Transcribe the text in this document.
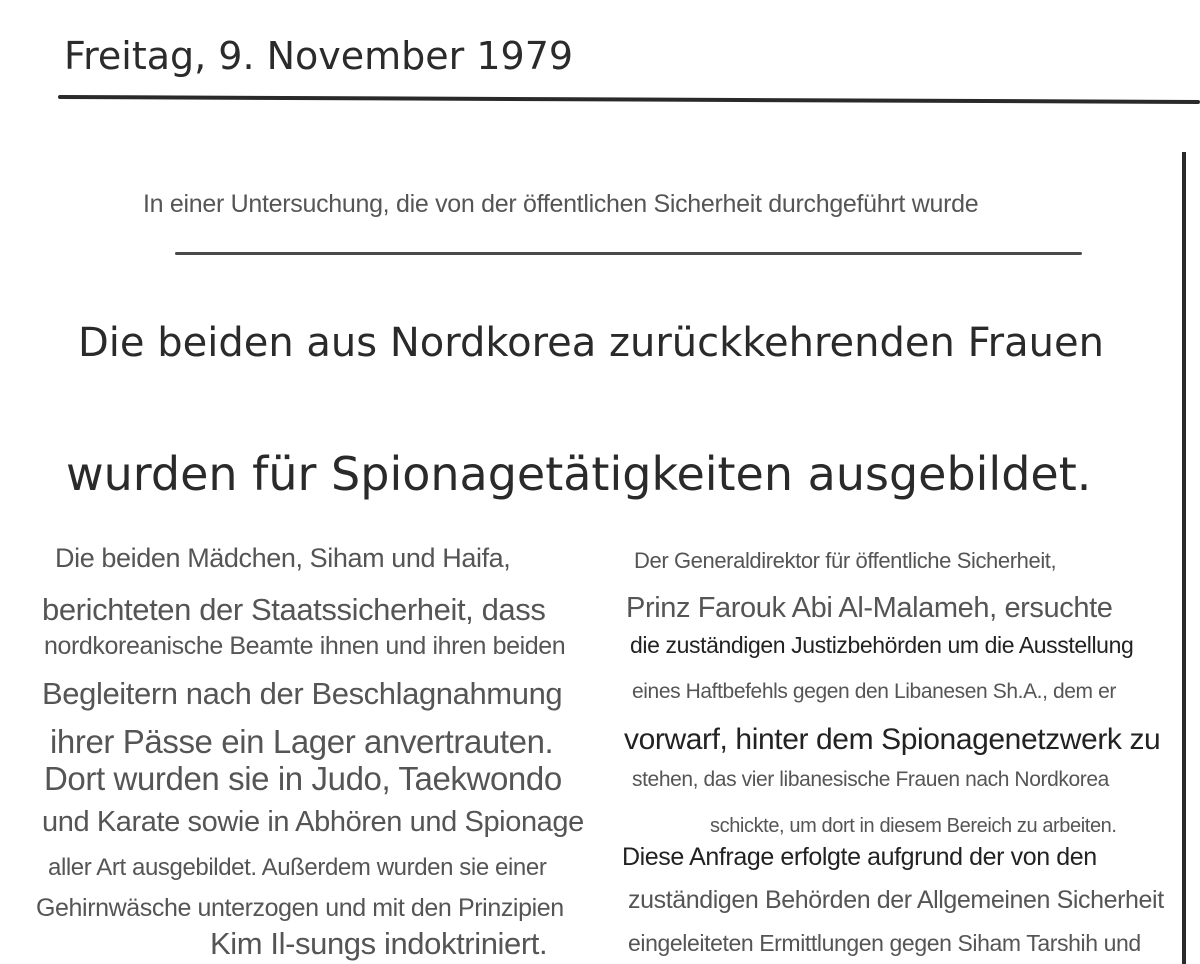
Freitag, 9. November 1979
In einer Untersuchung, die von der öffentlichen Sicherheit durchgeführt wurde
Die beiden aus Nordkorea zurückkehrenden Frauen
wurden für Spionagetätigkeiten ausgebildet.
Die beiden Mädchen, Siham und Haifa,
berichteten der Staatssicherheit, dass
nordkoreanische Beamte ihnen und ihren beiden
Begleitern nach der Beschlagnahmung
ihrer Pässe ein Lager anvertrauten.
Dort wurden sie in Judo, Taekwondo
und Karate sowie in Abhören und Spionage
aller Art ausgebildet. Außerdem wurden sie einer
Gehirnwäsche unterzogen und mit den Prinzipien
Kim Il-sungs indoktriniert.
Der Generaldirektor für öffentliche Sicherheit,
Prinz Farouk Abi Al-Malameh, ersuchte
die zuständigen Justizbehörden um die Ausstellung
eines Haftbefehls gegen den Libanesen Sh.A., dem er
vorwarf, hinter dem Spionagenetzwerk zu
stehen, das vier libanesische Frauen nach Nordkorea
schickte, um dort in diesem Bereich zu arbeiten.
Diese Anfrage erfolgte aufgrund der von den
zuständigen Behörden der Allgemeinen Sicherheit
eingeleiteten Ermittlungen gegen Siham Tarshih und
